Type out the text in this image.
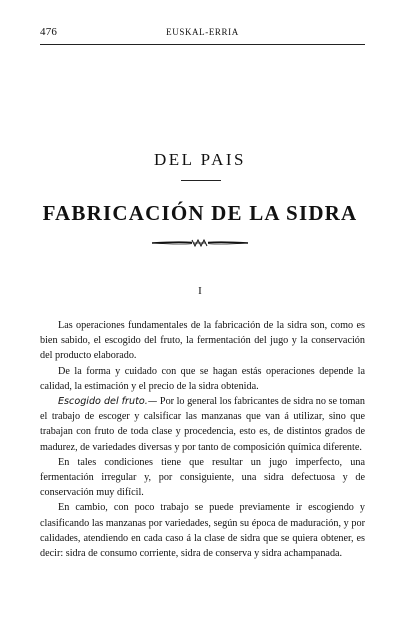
476	EUSKAL-ERRIA
DEL PAIS
FABRICACIÓN DE LA SIDRA
I

Las operaciones fundamentales de la fabricación de la sidra son, como es bien sabido, el escogido del fruto, la fermentación del jugo y la conservación del producto elaborado.

De la forma y cuidado con que se hagan estás operaciones depende la calidad, la estimación y el precio de la sidra obtenida.

Escogido del fruto.— Por lo general los fabricantes de sidra no se toman el trabajo de escoger y calsificar las manzanas que van á utilizar, sino que trabajan con fruto de toda clase y procedencia, esto es, de distintos grados de madurez, de variedades diversas y por tanto de composición química diferente.

En tales condiciones tiene que resultar un jugo imperfecto, una fermentación irregular y, por consiguiente, una sidra defectuosa y de conservación muy difícil.

En cambio, con poco trabajo se puede previamente ir escogiendo y clasificando las manzanas por variedades, según su época de maduración, y por calidades, atendiendo en cada caso á la clase de sidra que se quiera obtener, es decir: sidra de consumo corriente, sidra de conserva y sidra achampanada.
